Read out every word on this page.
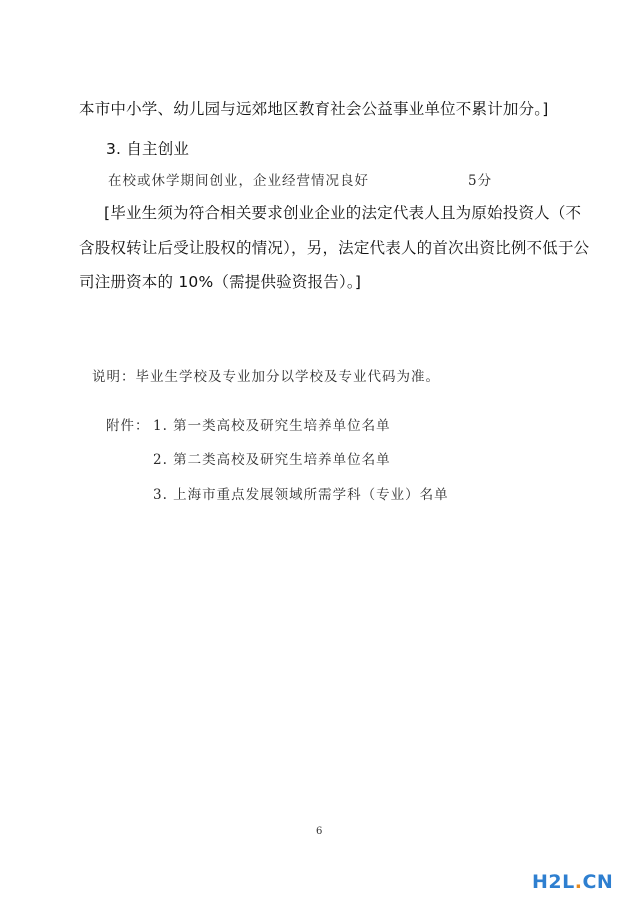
本市中小学、幼儿园与远郊地区教育社会公益事业单位不累计加分。]
3. 自主创业
在校或休学期间创业，企业经营情况良好	5分
[毕业生须为符合相关要求创业企业的法定代表人且为原始投资人（不
含股权转让后受让股权的情况），另，法定代表人的首次出资比例不低于公
司注册资本的 10%（需提供验资报告）。]
说明：毕业生学校及专业加分以学校及专业代码为准。
附件： 1. 第一类高校及研究生培养单位名单
2. 第二类高校及研究生培养单位名单
3. 上海市重点发展领域所需学科（专业）名单
6
H2L . CN
